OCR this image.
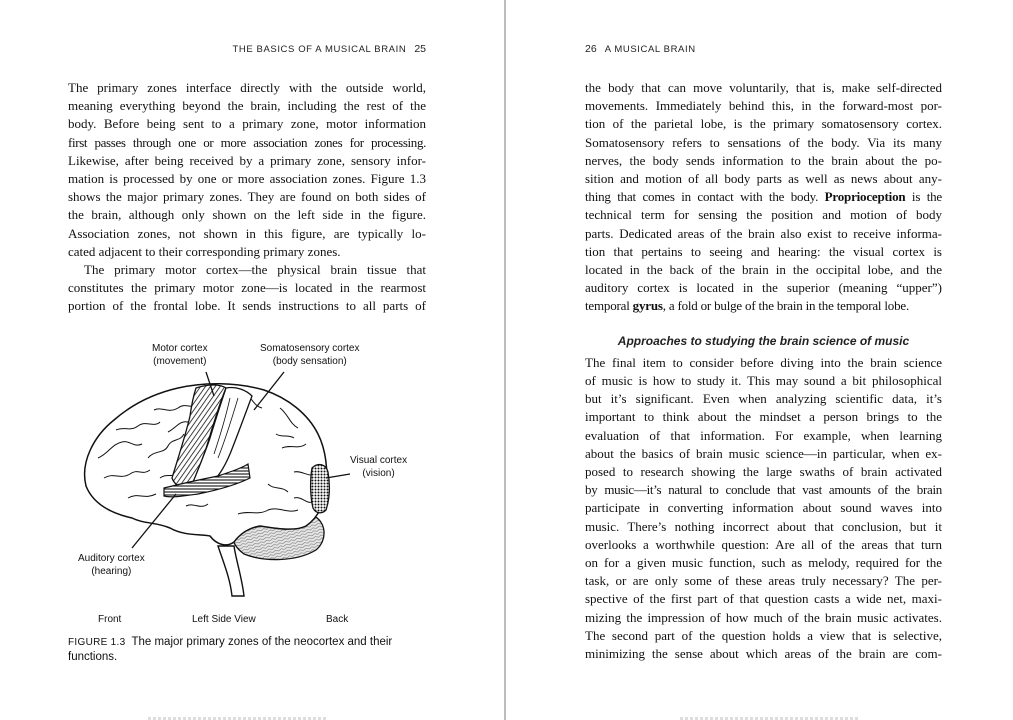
THE BASICS OF A MUSICAL BRAIN 25

The primary zones interface directly with the outside world,
meaning everything beyond the brain, including the rest of the
body. Before being sent to a primary zone, motor information
first passes through one or more association zones for processing.
Likewise, after being received by a primary zone, sensory infor-
mation is processed by one or more association zones. Figure 1.3
shows the major primary zones. They are found on both sides of
the brain, although only shown on the left side in the figure.
Association zones, not shown in this figure, are typically lo-
cated adjacent to their corresponding primary zones.

The primary motor cortex—the physical brain tissue that
constitutes the primary motor zone—is located in the rearmost
portion of the frontal lobe. It sends instructions to all parts of

Motor cortex
(movement)
Somatosensory cortex
(body sensation)
Visual cortex
(vision)
Auditory cortex
(hearing)
Front	Left Side View	Back
FIGURE 1.3 The major primary zones of the neocortex and their functions.
26 A MUSICAL BRAIN

the body that can move voluntarily, that is, make self-directed
movements. Immediately behind this, in the forward-most por-
tion of the parietal lobe, is the primary somatosensory cortex.
Somatosensory refers to sensations of the body. Via its many
nerves, the body sends information to the brain about the po-
sition and motion of all body parts as well as news about any-
thing that comes in contact with the body. Proprioception is the
technical term for sensing the position and motion of body
parts. Dedicated areas of the brain also exist to receive informa-
tion that pertains to seeing and hearing: the visual cortex is
located in the back of the brain in the occipital lobe, and the
auditory cortex is located in the superior (meaning “upper”)
temporal gyrus, a fold or bulge of the brain in the temporal lobe.

Approaches to studying the brain science of music

The final item to consider before diving into the brain science
of music is how to study it. This may sound a bit philosophical
but it’s significant. Even when analyzing scientific data, it’s
important to think about the mindset a person brings to the
evaluation of that information. For example, when learning
about the basics of brain music science—in particular, when ex-
posed to research showing the large swaths of brain activated
by music—it’s natural to conclude that vast amounts of the brain
participate in converting information about sound waves into
music. There’s nothing incorrect about that conclusion, but it
overlooks a worthwhile question: Are all of the areas that turn
on for a given music function, such as melody, required for the
task, or are only some of these areas truly necessary? The per-
spective of the first part of that question casts a wide net, maxi-
mizing the impression of how much of the brain music activates.
The second part of the question holds a view that is selective,
minimizing the sense about which areas of the brain are com-
